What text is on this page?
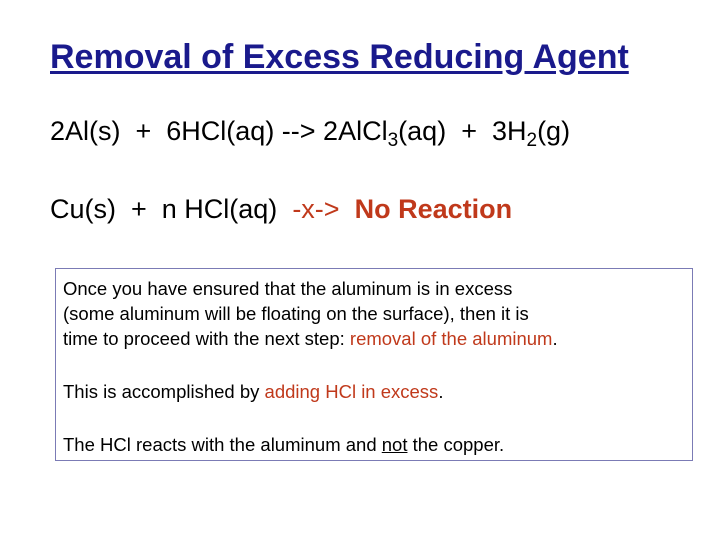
Removal of Excess Reducing Agent
2Al(s)  +  6HCl(aq) --> 2AlCl$_3$(aq)  +  $3H_2(g)$
Cu(s)  +  n HCl(aq)  -x-> No Reaction

Once you have ensured that the aluminum is in excess

(some aluminum will be floating on the surface), then it is

time to proceed with the next step: removal of the aluminum.

This is accomplished by adding HCl in excess.

The HCl reacts with the aluminum and not the copper.
